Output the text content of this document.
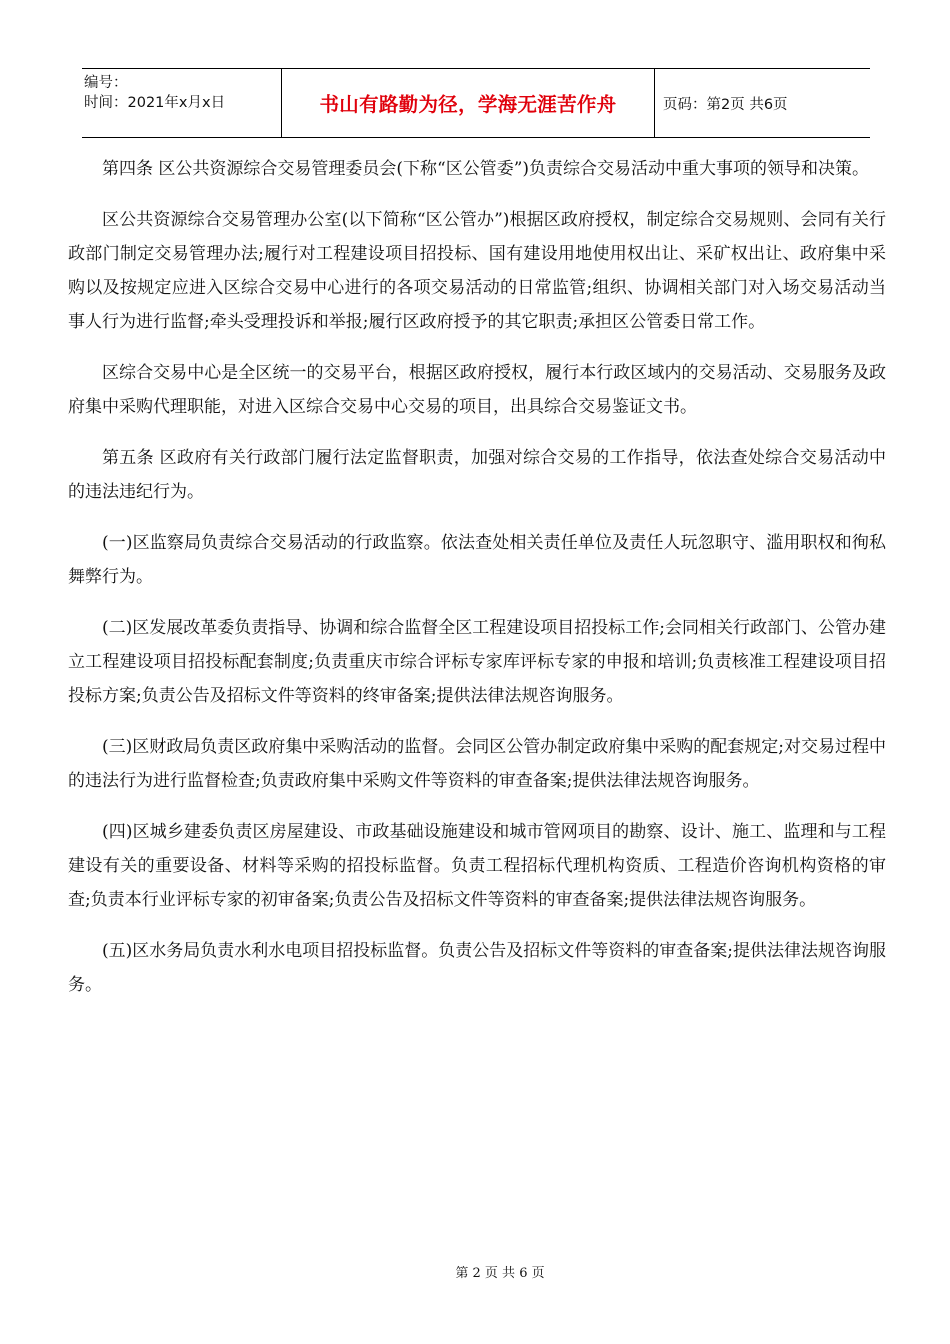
编号：
时间：2021年x月x日	书山有路勤为径，学海无涯苦作舟	页码：第2页 共6页

第四条 区公共资源综合交易管理委员会(下称“区公管委”)负责综合交易活动中重大事项的领导和决策。

区公共资源综合交易管理办公室(以下简称“区公管办”)根据区政府授权，制定综合交易规则、会同有关行政部门制定交易管理办法;履行对工程建设项目招投标、国有建设用地使用权出让、采矿权出让、政府集中采购以及按规定应进入区综合交易中心进行的各项交易活动的日常监管;组织、协调相关部门对入场交易活动当事人行为进行监督;牵头受理投诉和举报;履行区政府授予的其它职责;承担区公管委日常工作。

区综合交易中心是全区统一的交易平台，根据区政府授权，履行本行政区域内的交易活动、交易服务及政府集中采购代理职能，对进入区综合交易中心交易的项目，出具综合交易鉴证文书。

第五条 区政府有关行政部门履行法定监督职责，加强对综合交易的工作指导，依法查处综合交易活动中的违法违纪行为。

(一)区监察局负责综合交易活动的行政监察。依法查处相关责任单位及责任人玩忽职守、滥用职权和徇私舞弊行为。

(二)区发展改革委负责指导、协调和综合监督全区工程建设项目招投标工作;会同相关行政部门、公管办建立工程建设项目招投标配套制度;负责重庆市综合评标专家库评标专家的申报和培训;负责核准工程建设项目招投标方案;负责公告及招标文件等资料的终审备案;提供法律法规咨询服务。

(三)区财政局负责区政府集中采购活动的监督。会同区公管办制定政府集中采购的配套规定;对交易过程中的违法行为进行监督检查;负责政府集中采购文件等资料的审查备案;提供法律法规咨询服务。

(四)区城乡建委负责区房屋建设、市政基础设施建设和城市管网项目的勘察、设计、施工、监理和与工程建设有关的重要设备、材料等采购的招投标监督。负责工程招标代理机构资质、工程造价咨询机构资格的审查;负责本行业评标专家的初审备案;负责公告及招标文件等资料的审查备案;提供法律法规咨询服务。

(五)区水务局负责水利水电项目招投标监督。负责公告及招标文件等资料的审查备案;提供法律法规咨询服务。

第 2 页 共 6 页
